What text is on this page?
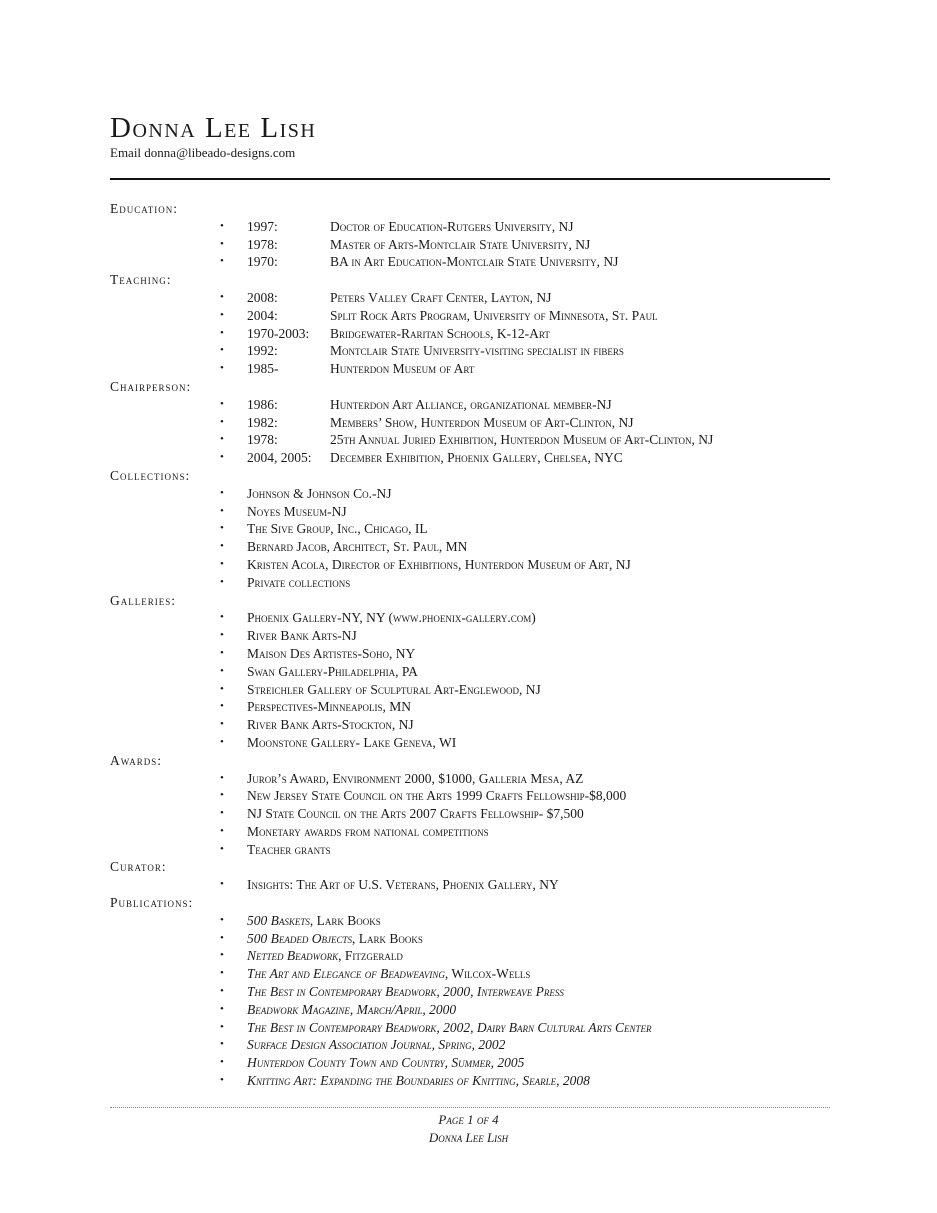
Donna Lee Lish
Email donna@libeado-designs.com
Education:
• 1997:	Doctor of Education-Rutgers University, NJ
• 1978:	Master of Arts-Montclair State University, NJ
• 1970:	BA in Art Education-Montclair State University, NJ
Teaching:
• 2008:	Peters Valley Craft Center, Layton, NJ
• 2004:	Split Rock Arts Program, University of Minnesota, St. Paul
• 1970-2003: Bridgewater-Raritan Schools, K-12-Art
• 1992:	Montclair State University-visiting specialist in fibers
• 1985-	Hunterdon Museum of Art
Chairperson:
• 1986:	Hunterdon Art Alliance, organizational member-NJ
• 1982:	Members’ Show, Hunterdon Museum of Art-Clinton, NJ
• 1978:	25th Annual Juried Exhibition, Hunterdon Museum of Art-Clinton, NJ
• 2004, 2005: December Exhibition, Phoenix Gallery, Chelsea, NYC
Collections:
• Johnson & Johnson Co.-NJ
• Noyes Museum-NJ
• The Sive Group, Inc., Chicago, IL
• Bernard Jacob, Architect, St. Paul, MN
• Kristen Acola, Director of Exhibitions, Hunterdon Museum of Art, NJ
• Private collections
Galleries:
• Phoenix Gallery-NY, NY (www.phoenix-gallery.com)
• River Bank Arts-NJ
• Maison Des Artistes-Soho, NY
• Swan Gallery-Philadelphia, PA
• Streichler Gallery of Sculptural Art-Englewood, NJ
• Perspectives-Minneapolis, MN
• River Bank Arts-Stockton, NJ
• Moonstone Gallery- Lake Geneva, WI
Awards:
• Juror’s Award, Environment 2000, $1000, Galleria Mesa, AZ
• New Jersey State Council on the Arts 1999 Crafts Fellowship-$8,000
• NJ State Council on the Arts 2007 Crafts Fellowship- $7,500
• Monetary awards from national competitions
• Teacher grants
Curator:
• Insights: The Art of U.S. Veterans, Phoenix Gallery, NY
Publications:
• 500 Baskets, Lark Books
• 500 Beaded Objects, Lark Books
• Netted Beadwork, Fitzgerald
• The Art and Elegance of Beadweaving, Wilcox-Wells
• The Best in Contemporary Beadwork, 2000, Interweave Press
• Beadwork Magazine, March/April, 2000
• The Best in Contemporary Beadwork, 2002, Dairy Barn Cultural Arts Center
• Surface Design Association Journal, Spring, 2002
• Hunterdon County Town and Country, Summer, 2005
• Knitting Art: Expanding the Boundaries of Knitting, Searle, 2008
Page 1 of 4
Donna Lee Lish
